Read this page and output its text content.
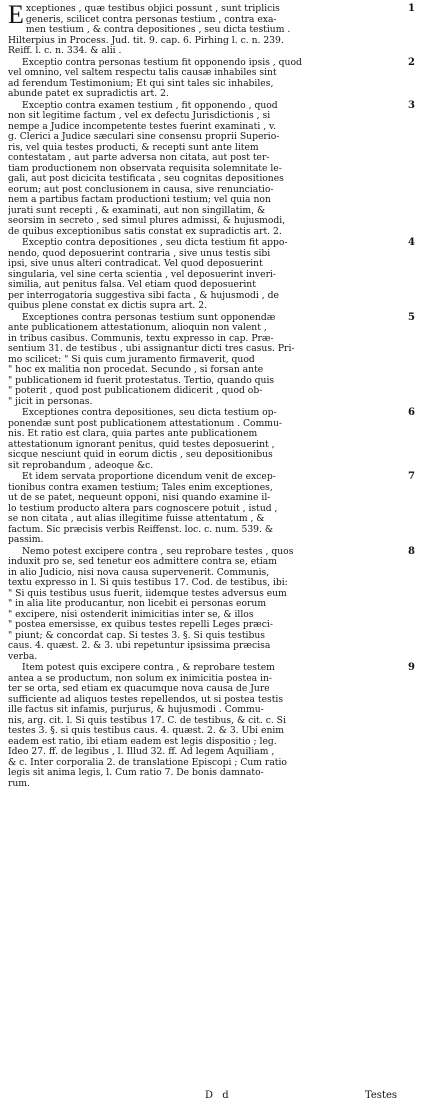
1
E xceptiones , quæ testibus objici possunt , sunt triplicis
generis, scilicet contra personas testium , contra exa-
men testium , & contra depositiones , seu dicta testium .
Hilterpius in Process. Jud. tit. 9. cap. 6. Pirhing l. c. n. 239.
Reiff. l. c. n. 334. & alii .
2
Exceptio contra personas testium fit opponendo ipsis , quod
vel omnino, vel saltem respectu talis causæ inhabiles sint
ad ferendum Testimonium; Et qui sint tales sic inhabiles,
abunde patet ex supradictis art. 2.
3
Exceptio contra examen testium , fit opponendo , quod
non sit legitime factum , vel ex defectu Jurisdictionis , si
nempe a Judice incompetente testes fuerint examinati , v.
g. Clerici a Judice sæculari sine consensu proprii Superio-
ris, vel quia testes producti, & recepti sunt ante litem
contestatam , aut parte adversa non citata, aut post ter-
tiam productionem non observata requisita solemnitate le-
gali, aut post dicicita testificata , seu cognitas depositiones
eorum; aut post conclusionem in causa, sive renunciatio-
nem a partibus factam productioni testium; vel quia non
jurati sunt recepti , & examinati, aut non singillatim, &
seorsim in secreto , sed simul plures admissi, & hujusmodi,
de quibus exceptionibus satis constat ex supradictis art. 2.
4
Exceptio contra depositiones , seu dicta testium fit appo-
nendo, quod deposuerint contraria , sive unus testis sibi
ipsi, sive unus alteri contradicat. Vel quod deposuerint
singularia, vel sine certa scientia , vel deposuerint inveri-
similia, aut penitus falsa. Vel etiam quod deposuerint
per interrogatoria suggestiva sibi facta , & hujusmodi , de
quibus plene constat ex dictis supra art. 2.
5
Exceptiones contra personas testium sunt opponendæ
ante publicationem attestationum, alioquin non valent ,
in tribus casibus. Communis, textu expresso in cap. Præ-
sentium 31. de testibus , ubi assignantur dicti tres casus. Pri-
mo scilicet: " Si quis cum juramento firmaverit, quod
" hoc ex malitia non procedat. Secundo , si forsan ante
" publicationem id fuerit protestatus. Tertio, quando quis
" poterit , quod post publicationem didicerit , quod ob-
" jicit in personas.
6
Exceptiones contra depositiones, seu dicta testium op-
ponendæ sunt post publicationem attestationum . Commu-
nis. Et ratio est clara, quia partes ante publicationem
attestationum ignorant penitus, quid testes deposuerint ,
sicque nesciunt quid in eorum dictis , seu depositionibus
sit reprobandum , adeoque &c.
7
Et idem servata proportione dicendum venit de excep-
tionibus contra examen testium; Tales enim exceptiones,
ut de se patet, nequeunt opponi, nisi quando examine il-
lo testium producto altera pars cognoscere potuit , istud ,
se non citata , aut alias illegitime fuisse attentatum , &
factum. Sic præcisis verbis Reiffenst. loc. c. num. 539. &
passim.
8
Nemo potest excipere contra , seu reprobare testes , quos
induxit pro se, sed tenetur eos admittere contra se, etiam
in alio Judicio, nisi nova causa supervenerit. Communis,
textu expresso in l. Si quis testibus 17. Cod. de testibus, ibi:
" Si quis testibus usus fuerit, iidemque testes adversus eum
" in alia lite producantur, non licebit ei personas eorum
" excipere, nisi ostenderit inimicitias inter se, & illos
" postea emersisse, ex quibus testes repelli Leges præci-
" piunt; & concordat cap. Si testes 3. §. Si quis testibus
caus. 4. quæst. 2. & 3. ubi repetuntur ipsissima præcisa
verba.
9
Item potest quis excipere contra , & reprobare testem
antea a se productum, non solum ex inimicitia postea in-
ter se orta, sed etiam ex quacumque nova causa de Jure
sufficiente ad aliquos testes repellendos, ut si postea testis
ille factus sit infamis, purjurus, & hujusmodi . Commu-
nis, arg. cit. l. Si quis testibus 17. C. de testibus, & cit. c. Si
testes 3. §. si quis testibus caus. 4. quæst. 2. & 3. Ubi enim
eadem est ratio, ibi etiam eadem est legis dispositio ; leg.
Ideo 27. ff. de legibus , l. Illud 32. ff. Ad legem Aquiliam ,
& c. Inter corporalia 2. de translatione Episcopi ; Cum ratio
legis sit anima legis, l. Cum ratio 7. De bonis damnato-
rum.
D d	Testes
